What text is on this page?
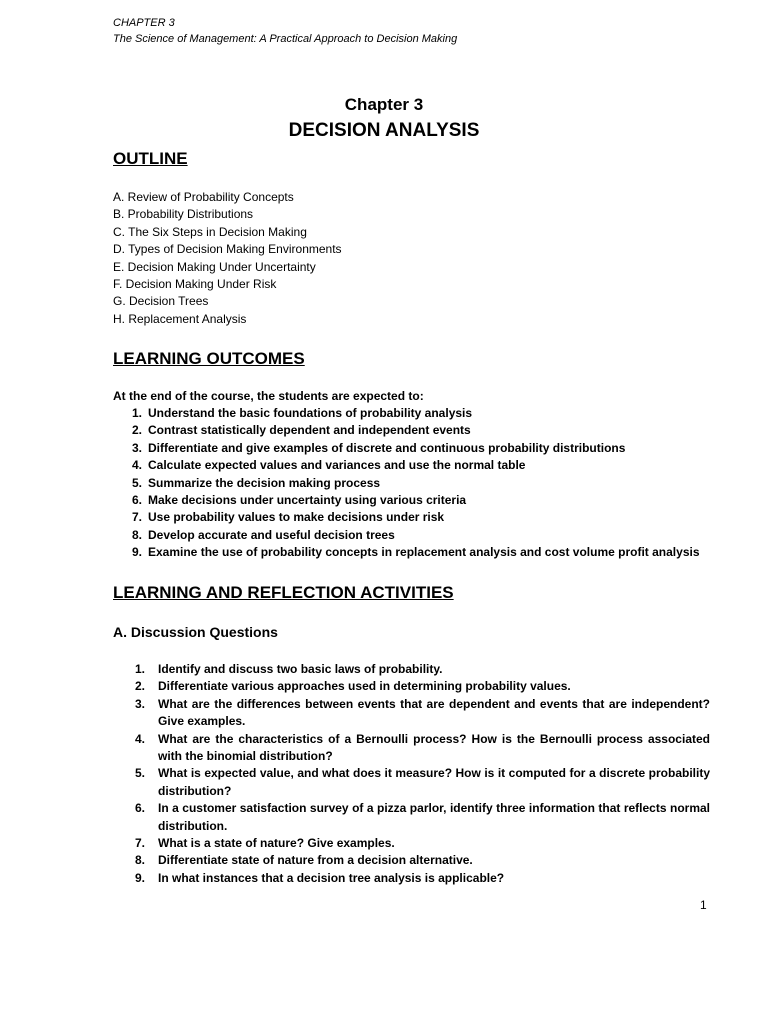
CHAPTER 3
The Science of Management: A Practical Approach to Decision Making
Chapter 3
DECISION ANALYSIS
OUTLINE
A. Review of Probability Concepts
B. Probability Distributions
C. The Six Steps in Decision Making
D. Types of Decision Making Environments
E. Decision Making Under Uncertainty
F. Decision Making Under Risk
G. Decision Trees
H. Replacement Analysis
LEARNING OUTCOMES
At the end of the course, the students are expected to:
1. Understand the basic foundations of probability analysis
2. Contrast statistically dependent and independent events
3. Differentiate and give examples of discrete and continuous probability distributions
4. Calculate expected values and variances and use the normal table
5. Summarize the decision making process
6. Make decisions under uncertainty using various criteria
7. Use probability values to make decisions under risk
8. Develop accurate and useful decision trees
9. Examine the use of probability concepts in replacement analysis and cost volume profit analysis
LEARNING AND REFLECTION ACTIVITIES
A. Discussion Questions
1.	Identify and discuss two basic laws of probability.
2.	Differentiate various approaches used in determining probability values.
3.	What are the differences between events that are dependent and events that are independent? Give examples.
4.	What are the characteristics of a Bernoulli process? How is the Bernoulli process associated with the binomial distribution?
5.	What is expected value, and what does it measure? How is it computed for a discrete probability distribution?
6.	In a customer satisfaction survey of a pizza parlor, identify three information that reflects normal distribution.
7.	What is a state of nature? Give examples.
8.	Differentiate state of nature from a decision alternative.
9.	In what instances that a decision tree analysis is applicable?
1
